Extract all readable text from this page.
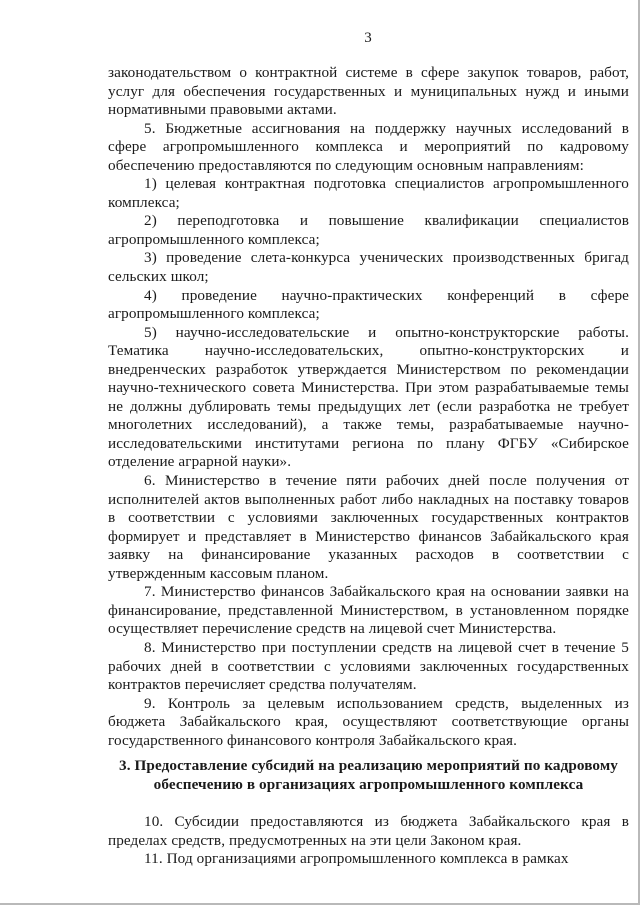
3

законодательством о контрактной системе в сфере закупок товаров, работ, услуг для обеспечения государственных и муниципальных нужд и иными нормативными правовыми актами.

5. Бюджетные ассигнования на поддержку научных исследований в сфере агропромышленного комплекса и мероприятий по кадровому обеспечению предоставляются по следующим основным направлениям:

1) целевая контрактная подготовка специалистов агропромышленного комплекса;

2) переподготовка и повышение квалификации специалистов агропромышленного комплекса;

3) проведение слета-конкурса ученических производственных бригад сельских школ;

4) проведение научно-практических конференций в сфере агропромышленного комплекса;

5) научно-исследовательские и опытно-конструкторские работы. Тематика научно-исследовательских, опытно-конструкторских и внедренческих разработок утверждается Министерством по рекомендации научно-технического совета Министерства. При этом разрабатываемые темы не должны дублировать темы предыдущих лет (если разработка не требует многолетних исследований), а также темы, разрабатываемые научно-исследовательскими институтами региона по плану ФГБУ «Сибирское отделение аграрной науки».

6. Министерство в течение пяти рабочих дней после получения от исполнителей актов выполненных работ либо накладных на поставку товаров в соответствии с условиями заключенных государственных контрактов формирует и представляет в Министерство финансов Забайкальского края заявку на финансирование указанных расходов в соответствии с утвержденным кассовым планом.

7. Министерство финансов Забайкальского края на основании заявки на финансирование, представленной Министерством, в установленном порядке осуществляет перечисление средств на лицевой счет Министерства.

8. Министерство при поступлении средств на лицевой счет в течение 5 рабочих дней в соответствии с условиями заключенных государственных контрактов перечисляет средства получателям.

9. Контроль за целевым использованием средств, выделенных из бюджета Забайкальского края, осуществляют соответствующие органы государственного финансового контроля Забайкальского края.

3. Предоставление субсидий на реализацию мероприятий по кадровому обеспечению в организациях агропромышленного комплекса

10. Субсидии предоставляются из бюджета Забайкальского края в пределах средств, предусмотренных на эти цели Законом края.

11. Под организациями агропромышленного комплекса в рамках
